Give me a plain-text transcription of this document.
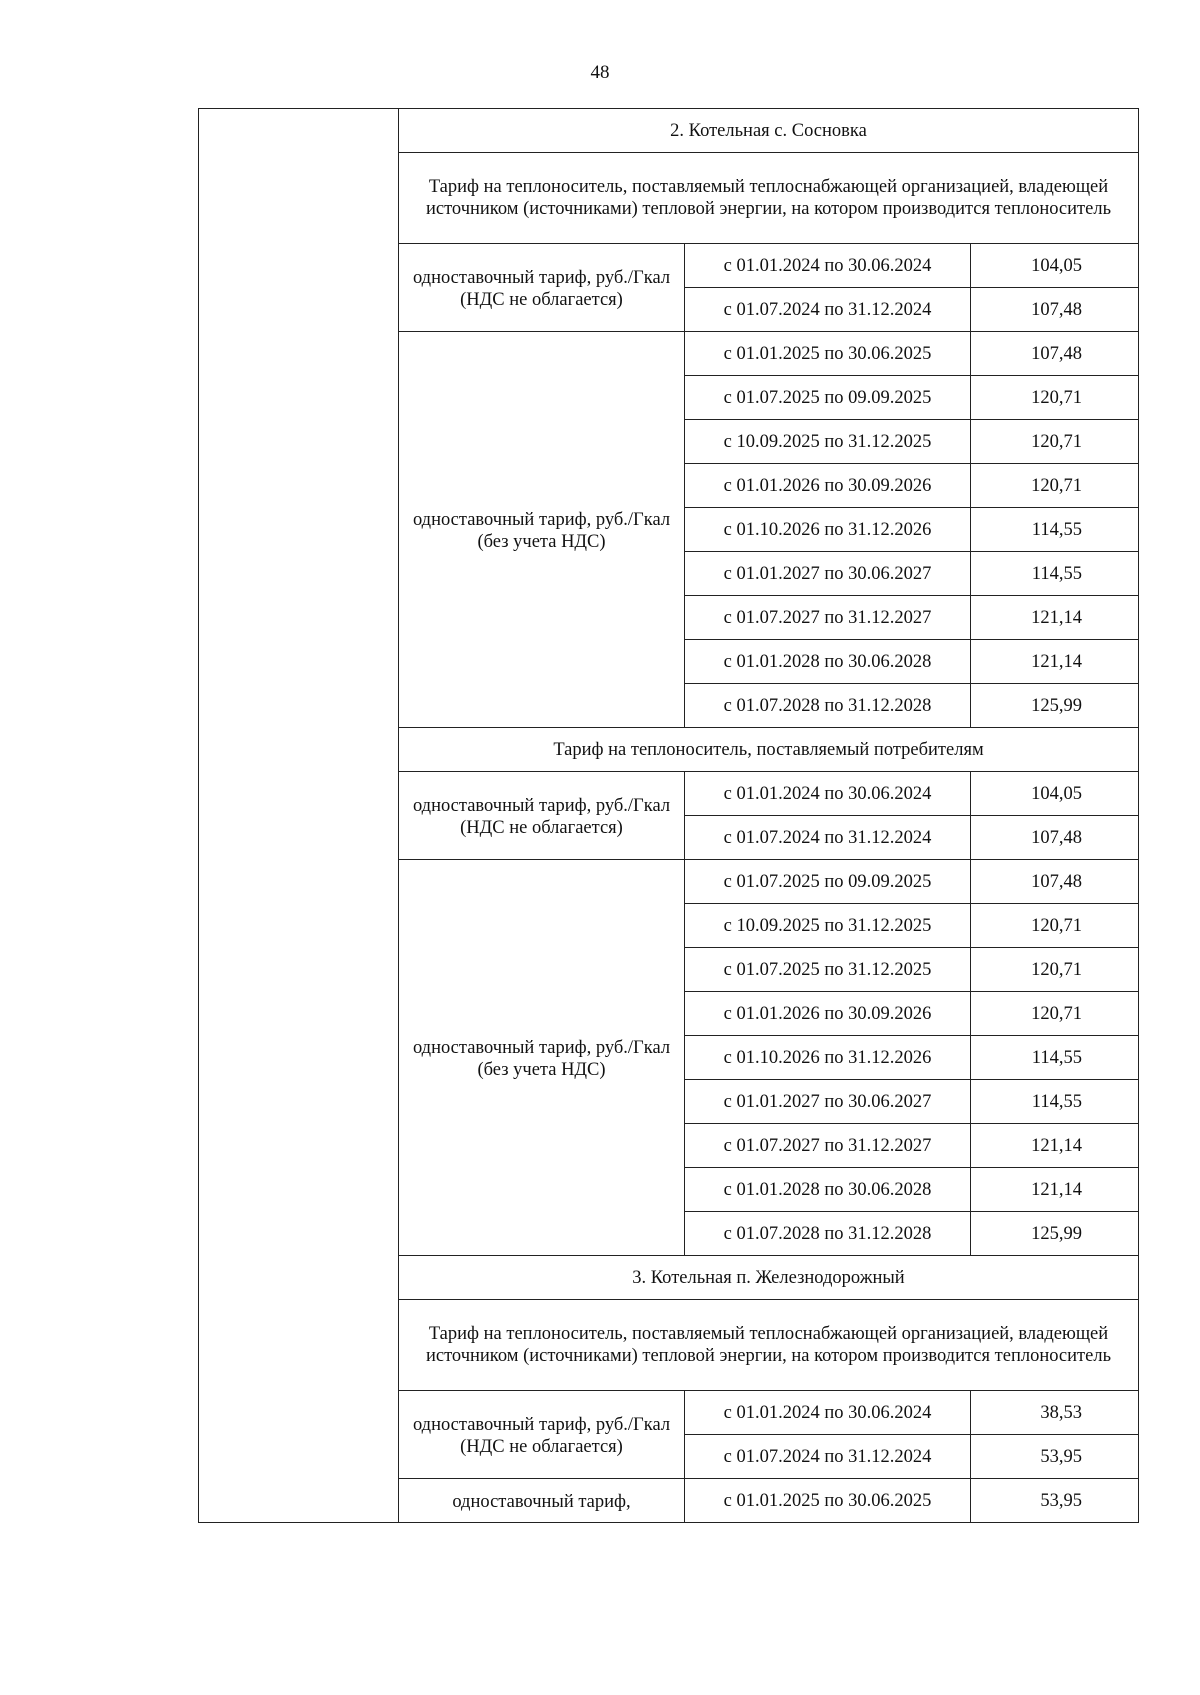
48
	2. Котельная с. Сосновка		
	Тариф на теплоноситель, поставляемый теплоснабжающей организацией, владеющей источником (источниками) тепловой энергии, на котором производится теплоноситель		
	одноставочный тариф, руб./Гкал (НДС не облагается)	с 01.01.2024 по 30.06.2024	104,05
		с 01.07.2024 по 31.12.2024	107,48
	одноставочный тариф, руб./Гкал (без учета НДС)	с 01.01.2025 по 30.06.2025	107,48
		с 01.07.2025 по 09.09.2025	120,71
		с 10.09.2025 по 31.12.2025	120,71
		с 01.01.2026 по 30.09.2026	120,71
		с 01.10.2026 по 31.12.2026	114,55
		с 01.01.2027 по 30.06.2027	114,55
		с 01.07.2027 по 31.12.2027	121,14
		с 01.01.2028 по 30.06.2028	121,14
		с 01.07.2028 по 31.12.2028	125,99
	Тариф на теплоноситель, поставляемый потребителям		
	одноставочный тариф, руб./Гкал (НДС не облагается)	с 01.01.2024 по 30.06.2024	104,05
		с 01.07.2024 по 31.12.2024	107,48
	одноставочный тариф, руб./Гкал (без учета НДС)	с 01.07.2025 по 09.09.2025	107,48
		с 10.09.2025 по 31.12.2025	120,71
		с 01.07.2025 по 31.12.2025	120,71
		с 01.01.2026 по 30.09.2026	120,71
		с 01.10.2026 по 31.12.2026	114,55
		с 01.01.2027 по 30.06.2027	114,55
		с 01.07.2027 по 31.12.2027	121,14
		с 01.01.2028 по 30.06.2028	121,14
		с 01.07.2028 по 31.12.2028	125,99
	3. Котельная п. Железнодорожный		
	Тариф на теплоноситель, поставляемый теплоснабжающей организацией, владеющей источником (источниками) тепловой энергии, на котором производится теплоноситель		
	одноставочный тариф, руб./Гкал (НДС не облагается)	с 01.01.2024 по 30.06.2024	38,53
		с 01.07.2024 по 31.12.2024	53,95
	одноставочный тариф,	с 01.01.2025 по 30.06.2025	53,95
